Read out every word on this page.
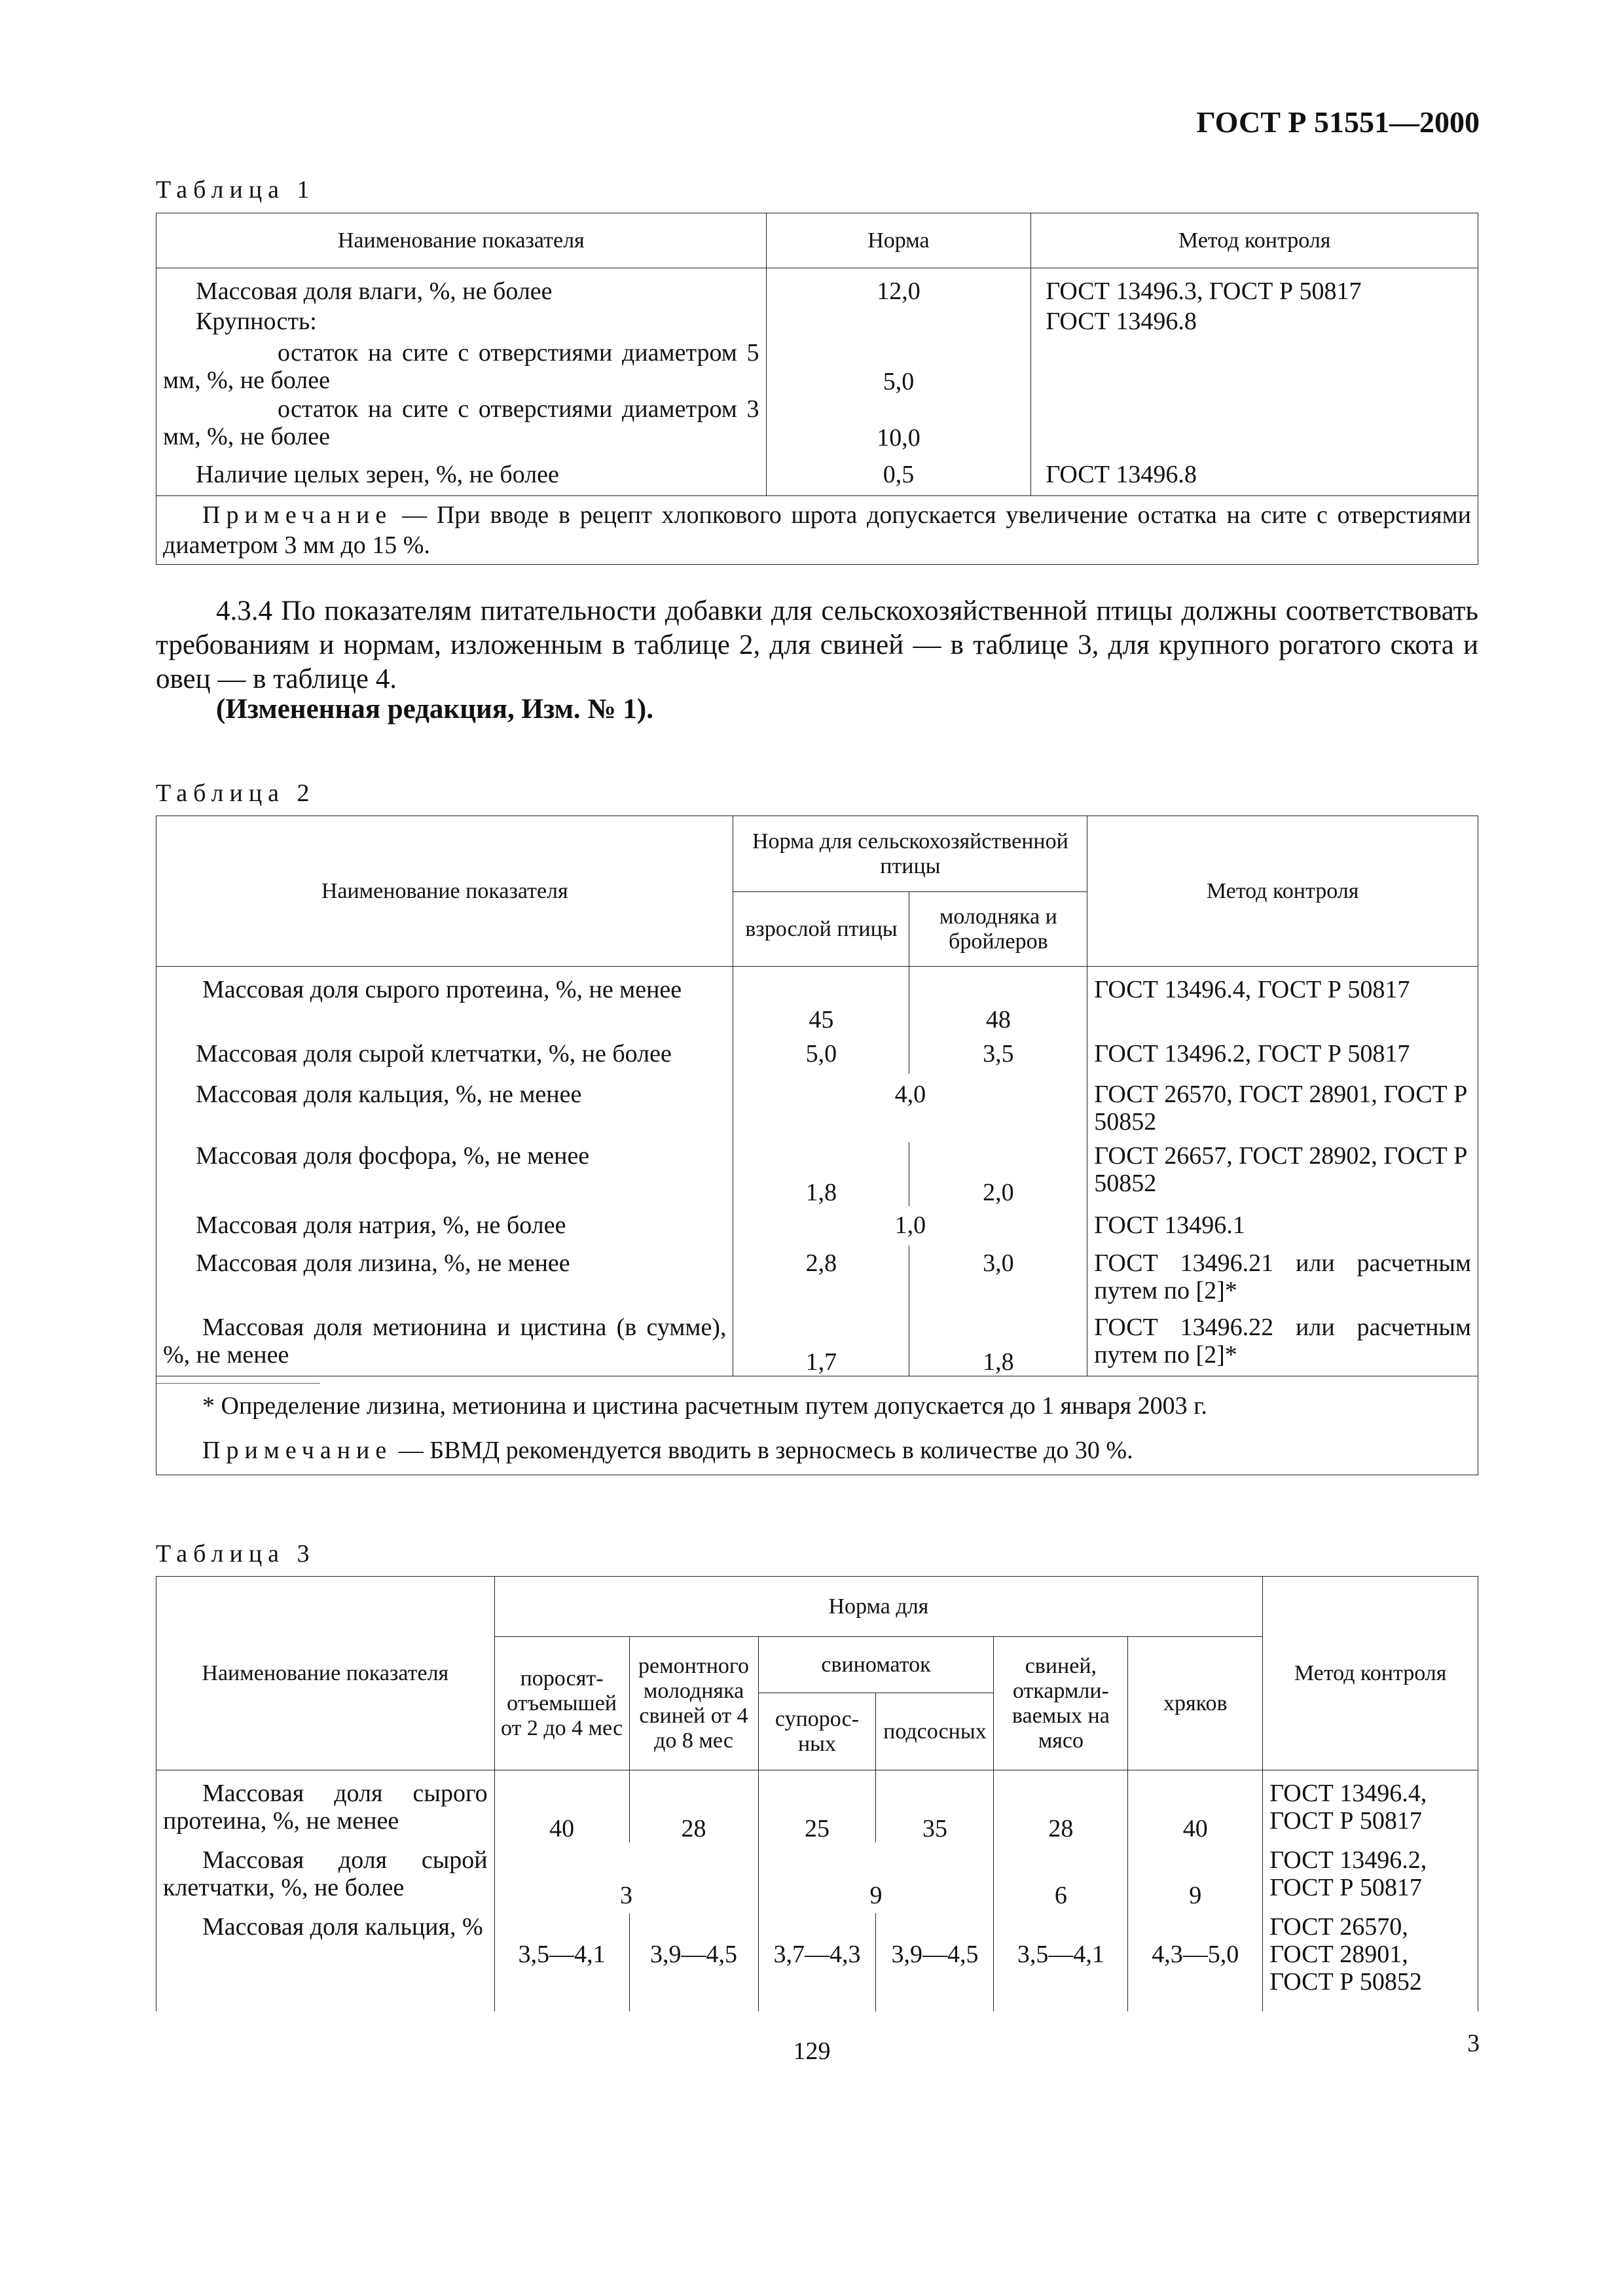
ГОСТ Р 51551—2000
Таблица 1
Наименование показателя	Норма	Метод контроля
Массовая доля влаги, %, не более	12,0	ГОСТ 13496.3, ГОСТ Р 50817
Крупность:		ГОСТ 13496.8
остаток на сите с отверстиями диаметром 5 мм, %, не более	5,0	
остаток на сите с отверстиями диаметром 3 мм, %, не более	10,0	
Наличие целых зерен, %, не более	0,5	ГОСТ 13496.8
Примечание — При вводе в рецепт хлопкового шрота допускается увеличение остатка на сите с отверстиями диаметром 3 мм до 15 %.		
4.3.4 По показателям питательности добавки для сельскохозяйственной птицы должны соответствовать требованиям и нормам, изложенным в таблице 2, для свиней — в таблице 3, для крупного рогатого скота и овец — в таблице 4.
(Измененная редакция, Изм. № 1).
Таблица 2
Наименование показателя	Норма для сельскохозяйственной птицы		Метод контроля
	взрослой птицы	молодняка и бройлеров	
Массовая доля сырого протеина, %, не менее	45	48	ГОСТ 13496.4, ГОСТ Р 50817
Массовая доля сырой клетчатки, %, не более	5,0	3,5	ГОСТ 13496.2, ГОСТ Р 50817
Массовая доля кальция, %, не менее	4,0		ГОСТ 26570, ГОСТ 28901, ГОСТ Р 50852
Массовая доля фосфора, %, не менее	1,8	2,0	ГОСТ 26657, ГОСТ 28902, ГОСТ Р 50852
Массовая доля натрия, %, не более	1,0		ГОСТ 13496.1
Массовая доля лизина, %, не менее	2,8	3,0	ГОСТ 13496.21 или расчетным путем по [2]*
Массовая доля метионина и цистина (в сумме), %, не менее	1,7	1,8	ГОСТ 13496.22 или расчетным путем по [2]*

* Определение лизина, метионина и цистина расчетным путем допускается до 1 января 2003 г.
Примечание — БВМД рекомендуется вводить в зерносмесь в количестве до 30 %.			
Таблица 3
Наименование показателя	Норма для						Метод контроля
	поросят-отъемышей от 2 до 4 мес	ремонтного молодняка свиней от 4 до 8 мес	свиноматок		свиней, откармли-ваемых на мясо	хряков	
			супорос-ных	подсосных			
Массовая доля сырого протеина, %, не менее	40	28	25	35	28	40	ГОСТ 13496.4, ГОСТ Р 50817
Массовая доля сырой клетчатки, %, не более	3		9		6	9	ГОСТ 13496.2, ГОСТ Р 50817
Массовая доля кальция, %	3,5—4,1	3,9—4,5	3,7—4,3	3,9—4,5	3,5—4,1	4,3—5,0	ГОСТ 26570, ГОСТ 28901, ГОСТ Р 50852
129	3
